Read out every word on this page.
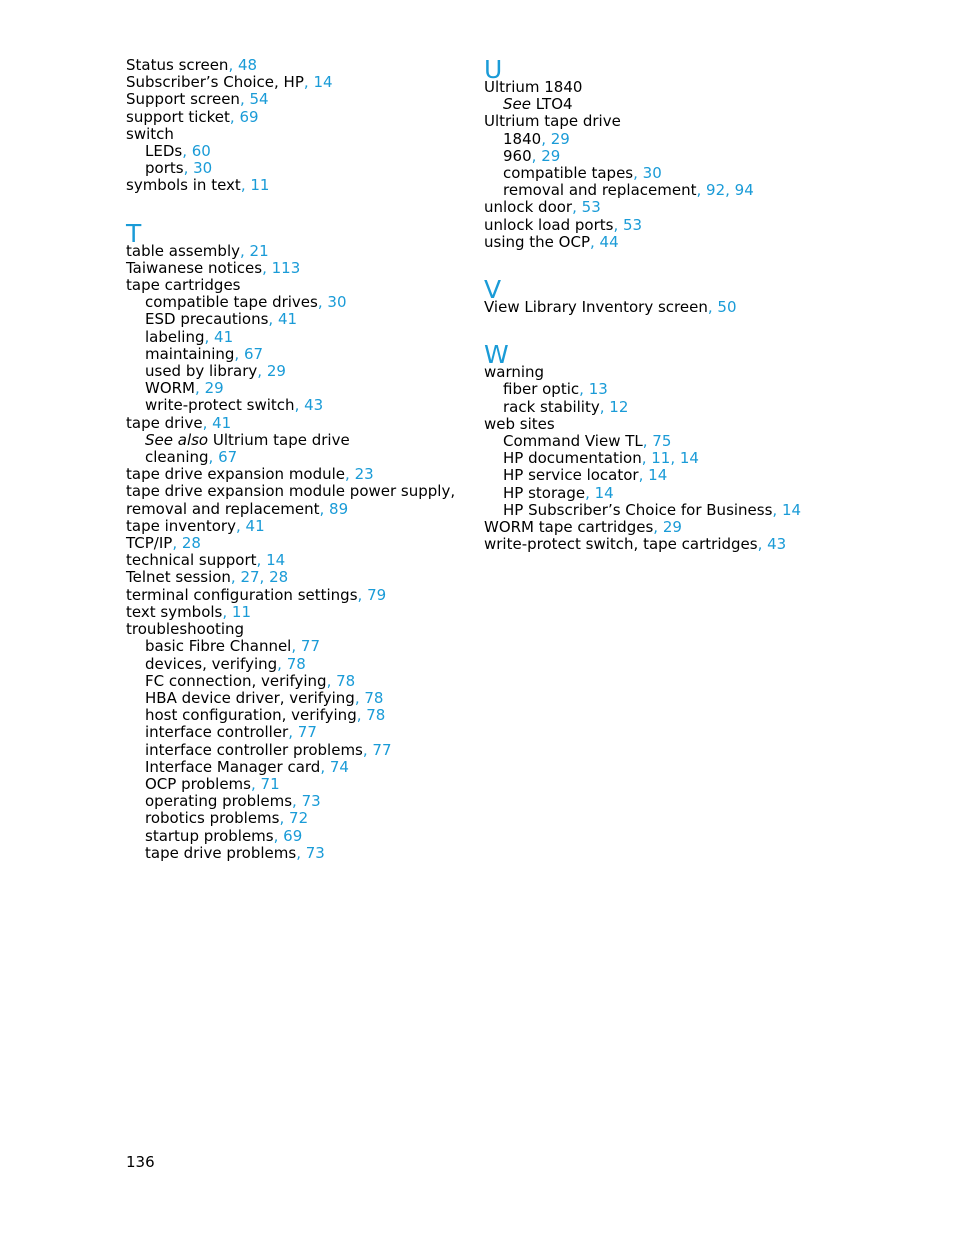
Status screen, 48
Subscriber’s Choice, HP, 14
Support screen, 54
support ticket, 69
switch
LEDs, 60
ports, 30
symbols in text, 11
T
table assembly, 21
Taiwanese notices, 113
tape cartridges
compatible tape drives, 30
ESD precautions, 41
labeling, 41
maintaining, 67
used by library, 29
WORM, 29
write-protect switch, 43
tape drive, 41
See also Ultrium tape drive
cleaning, 67
tape drive expansion module, 23
tape drive expansion module power supply,
removal and replacement, 89
tape inventory, 41
TCP/IP, 28
technical support, 14
Telnet session, 27, 28
terminal configuration settings, 79
text symbols, 11
troubleshooting
basic Fibre Channel, 77
devices, verifying, 78
FC connection, verifying, 78
HBA device driver, verifying, 78
host configuration, verifying, 78
interface controller, 77
interface controller problems, 77
Interface Manager card, 74
OCP problems, 71
operating problems, 73
robotics problems, 72
startup problems, 69
tape drive problems, 73
U
Ultrium 1840
See LTO4
Ultrium tape drive
1840, 29
960, 29
compatible tapes, 30
removal and replacement, 92, 94
unlock door, 53
unlock load ports, 53
using the OCP, 44
V
View Library Inventory screen, 50
W
warning
fiber optic, 13
rack stability, 12
web sites
Command View TL, 75
HP documentation, 11, 14
HP service locator, 14
HP storage, 14
HP Subscriber’s Choice for Business, 14
WORM tape cartridges, 29
write-protect switch, tape cartridges, 43
136
